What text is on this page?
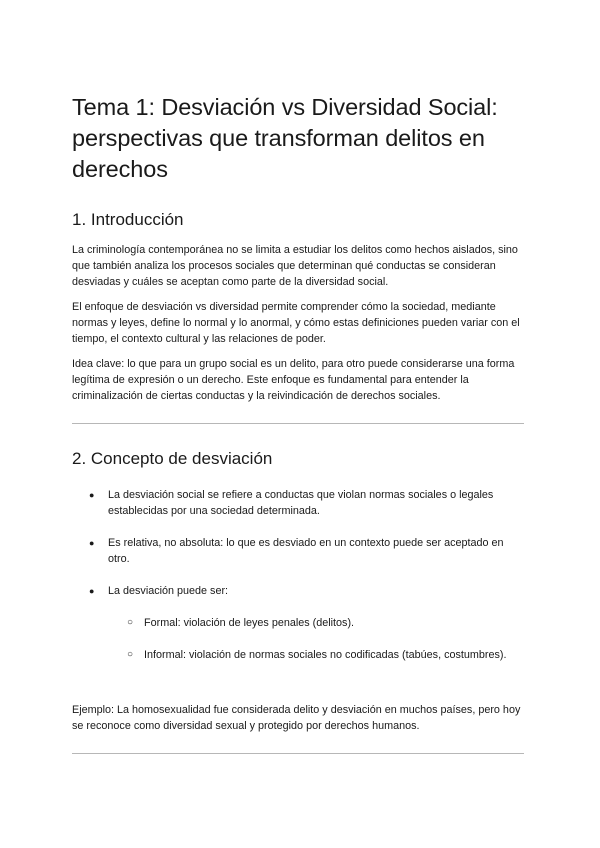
Tema 1: Desviación vs Diversidad Social: perspectivas que transforman delitos en derechos
1. Introducción

La criminología contemporánea no se limita a estudiar los delitos como hechos aislados, sino que también analiza los procesos sociales que determinan qué conductas se consideran desviadas y cuáles se aceptan como parte de la diversidad social.

El enfoque de desviación vs diversidad permite comprender cómo la sociedad, mediante normas y leyes, define lo normal y lo anormal, y cómo estas definiciones pueden variar con el tiempo, el contexto cultural y las relaciones de poder.

Idea clave: lo que para un grupo social es un delito, para otro puede considerarse una forma legítima de expresión o un derecho. Este enfoque es fundamental para entender la criminalización de ciertas conductas y la reivindicación de derechos sociales.

2. Concepto de desviación
● La desviación social se refiere a conductas que violan normas sociales o legales establecidas por una sociedad determinada.
● Es relativa, no absoluta: lo que es desviado en un contexto puede ser aceptado en otro.
● La desviación puede ser:
○ Formal: violación de leyes penales (delitos).
○ Informal: violación de normas sociales no codificadas (tabúes, costumbres).

Ejemplo: La homosexualidad fue considerada delito y desviación en muchos países, pero hoy se reconoce como diversidad sexual y protegido por derechos humanos.
